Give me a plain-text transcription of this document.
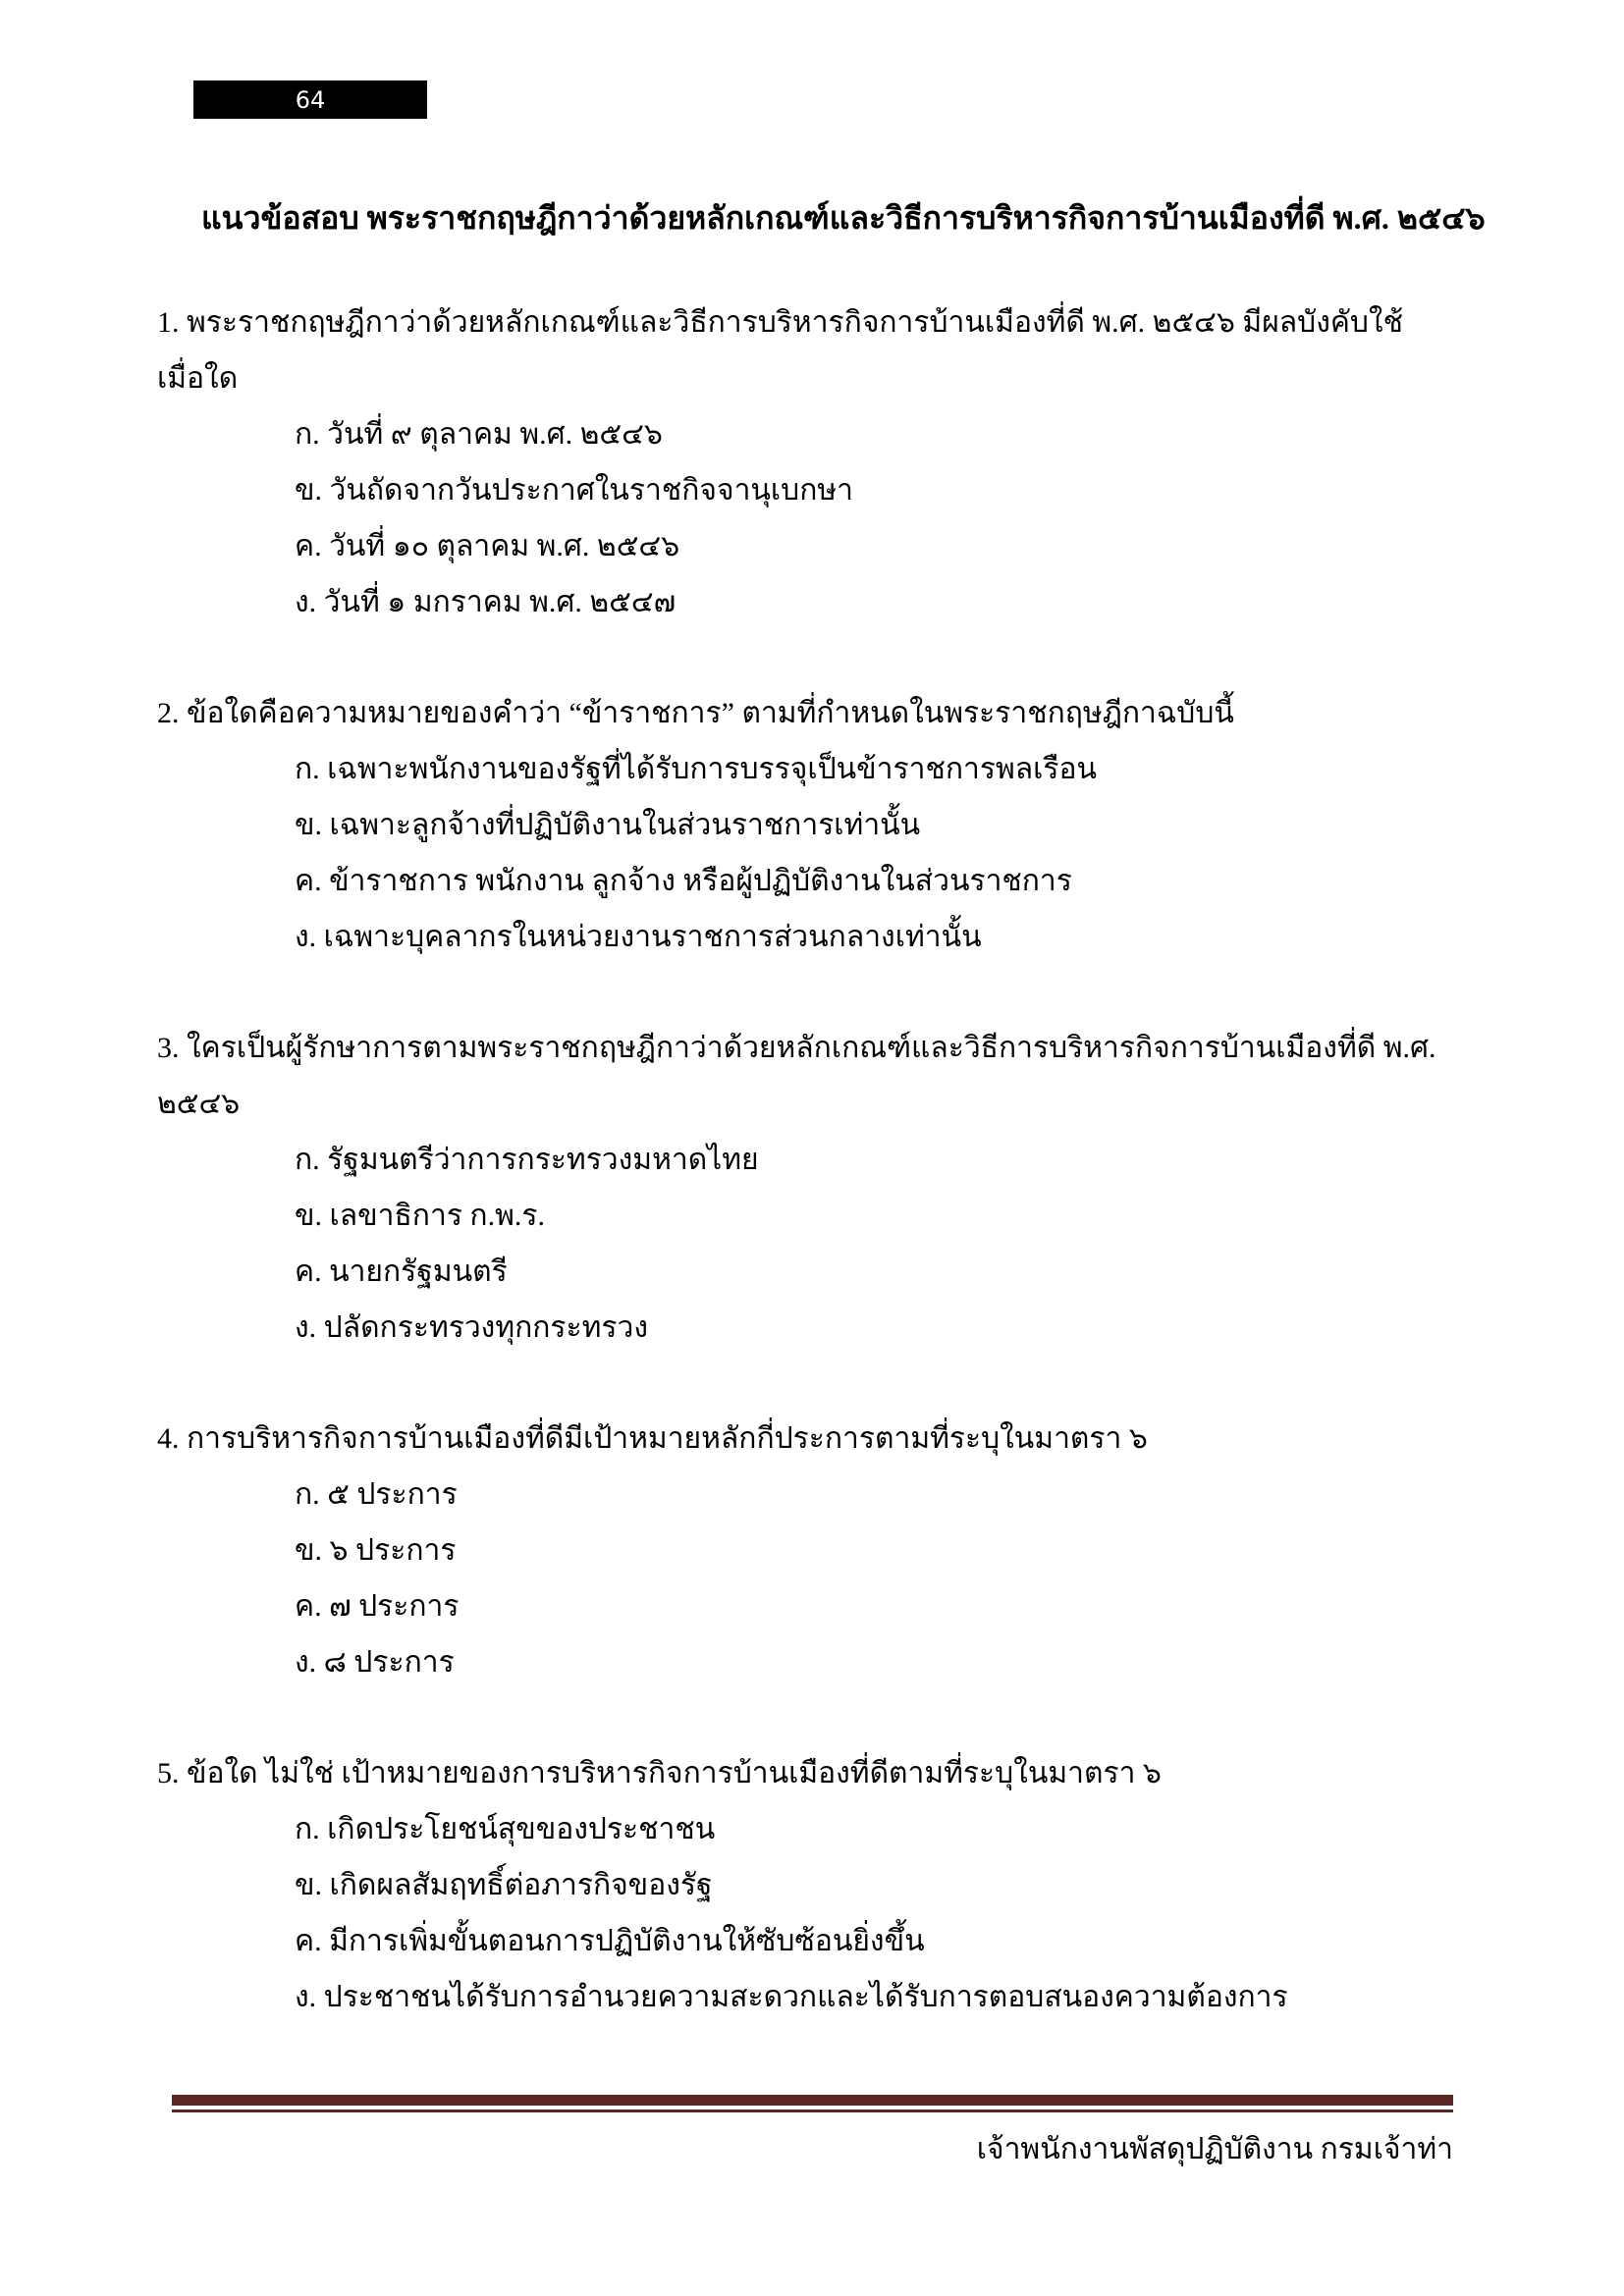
64
แนวข้อสอบ พระราชกฤษฎีกาว่าด้วยหลักเกณฑ์และวิธีการบริหารกิจการบ้านเมืองที่ดี พ.ศ. ๒๕๔๖
1. พระราชกฤษฎีกาว่าด้วยหลักเกณฑ์และวิธีการบริหารกิจการบ้านเมืองที่ดี พ.ศ. ๒๕๔๖ มีผลบังคับใช้
เมื่อใด
ก. วันที่ ๙ ตุลาคม พ.ศ. ๒๕๔๖
ข. วันถัดจากวันประกาศในราชกิจจานุเบกษา
ค. วันที่ ๑๐ ตุลาคม พ.ศ. ๒๕๔๖
ง. วันที่ ๑ มกราคม พ.ศ. ๒๕๔๗
2. ข้อใดคือความหมายของคำว่า “ข้าราชการ” ตามที่กำหนดในพระราชกฤษฎีกาฉบับนี้
ก. เฉพาะพนักงานของรัฐที่ได้รับการบรรจุเป็นข้าราชการพลเรือน
ข. เฉพาะลูกจ้างที่ปฏิบัติงานในส่วนราชการเท่านั้น
ค. ข้าราชการ พนักงาน ลูกจ้าง หรือผู้ปฏิบัติงานในส่วนราชการ
ง. เฉพาะบุคลากรในหน่วยงานราชการส่วนกลางเท่านั้น
3. ใครเป็นผู้รักษาการตามพระราชกฤษฎีกาว่าด้วยหลักเกณฑ์และวิธีการบริหารกิจการบ้านเมืองที่ดี พ.ศ.
๒๕๔๖
ก. รัฐมนตรีว่าการกระทรวงมหาดไทย
ข. เลขาธิการ ก.พ.ร.
ค. นายกรัฐมนตรี
ง. ปลัดกระทรวงทุกกระทรวง
4. การบริหารกิจการบ้านเมืองที่ดีมีเป้าหมายหลักกี่ประการตามที่ระบุในมาตรา ๖
ก. ๕ ประการ
ข. ๖ ประการ
ค. ๗ ประการ
ง. ๘ ประการ
5. ข้อใด ไม่ใช่ เป้าหมายของการบริหารกิจการบ้านเมืองที่ดีตามที่ระบุในมาตรา ๖
ก. เกิดประโยชน์สุขของประชาชน
ข. เกิดผลสัมฤทธิ์ต่อภารกิจของรัฐ
ค. มีการเพิ่มขั้นตอนการปฏิบัติงานให้ซับซ้อนยิ่งขึ้น
ง. ประชาชนได้รับการอำนวยความสะดวกและได้รับการตอบสนองความต้องการ
เจ้าพนักงานพัสดุปฏิบัติงาน กรมเจ้าท่า
